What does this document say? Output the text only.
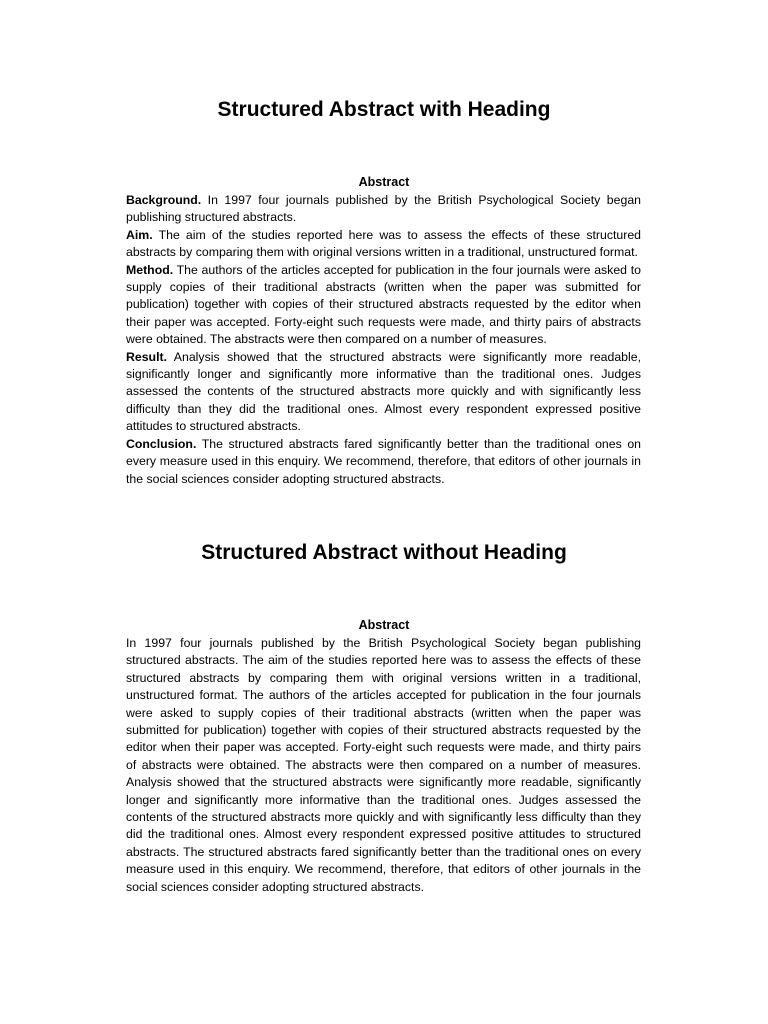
Structured Abstract with Heading
Abstract

Background. In 1997 four journals published by the British Psychological Society began publishing structured abstracts.

Aim. The aim of the studies reported here was to assess the effects of these structured abstracts by comparing them with original versions written in a traditional, unstructured format.

Method. The authors of the articles accepted for publication in the four journals were asked to supply copies of their traditional abstracts (written when the paper was submitted for publication) together with copies of their structured abstracts requested by the editor when their paper was accepted. Forty-eight such requests were made, and thirty pairs of abstracts were obtained. The abstracts were then compared on a number of measures.

Result. Analysis showed that the structured abstracts were significantly more readable, significantly longer and significantly more informative than the traditional ones. Judges assessed the contents of the structured abstracts more quickly and with significantly less difficulty than they did the traditional ones. Almost every respondent expressed positive attitudes to structured abstracts.

Conclusion. The structured abstracts fared significantly better than the traditional ones on every measure used in this enquiry. We recommend, therefore, that editors of other journals in the social sciences consider adopting structured abstracts.

Structured Abstract without Heading
Abstract

In 1997 four journals published by the British Psychological Society began publishing structured abstracts. The aim of the studies reported here was to assess the effects of these structured abstracts by comparing them with original versions written in a traditional, unstructured format. The authors of the articles accepted for publication in the four journals were asked to supply copies of their traditional abstracts (written when the paper was submitted for publication) together with copies of their structured abstracts requested by the editor when their paper was accepted. Forty-eight such requests were made, and thirty pairs of abstracts were obtained. The abstracts were then compared on a number of measures. Analysis showed that the structured abstracts were significantly more readable, significantly longer and significantly more informative than the traditional ones. Judges assessed the contents of the structured abstracts more quickly and with significantly less difficulty than they did the traditional ones. Almost every respondent expressed positive attitudes to structured abstracts. The structured abstracts fared significantly better than the traditional ones on every measure used in this enquiry. We recommend, therefore, that editors of other journals in the social sciences consider adopting structured abstracts.
